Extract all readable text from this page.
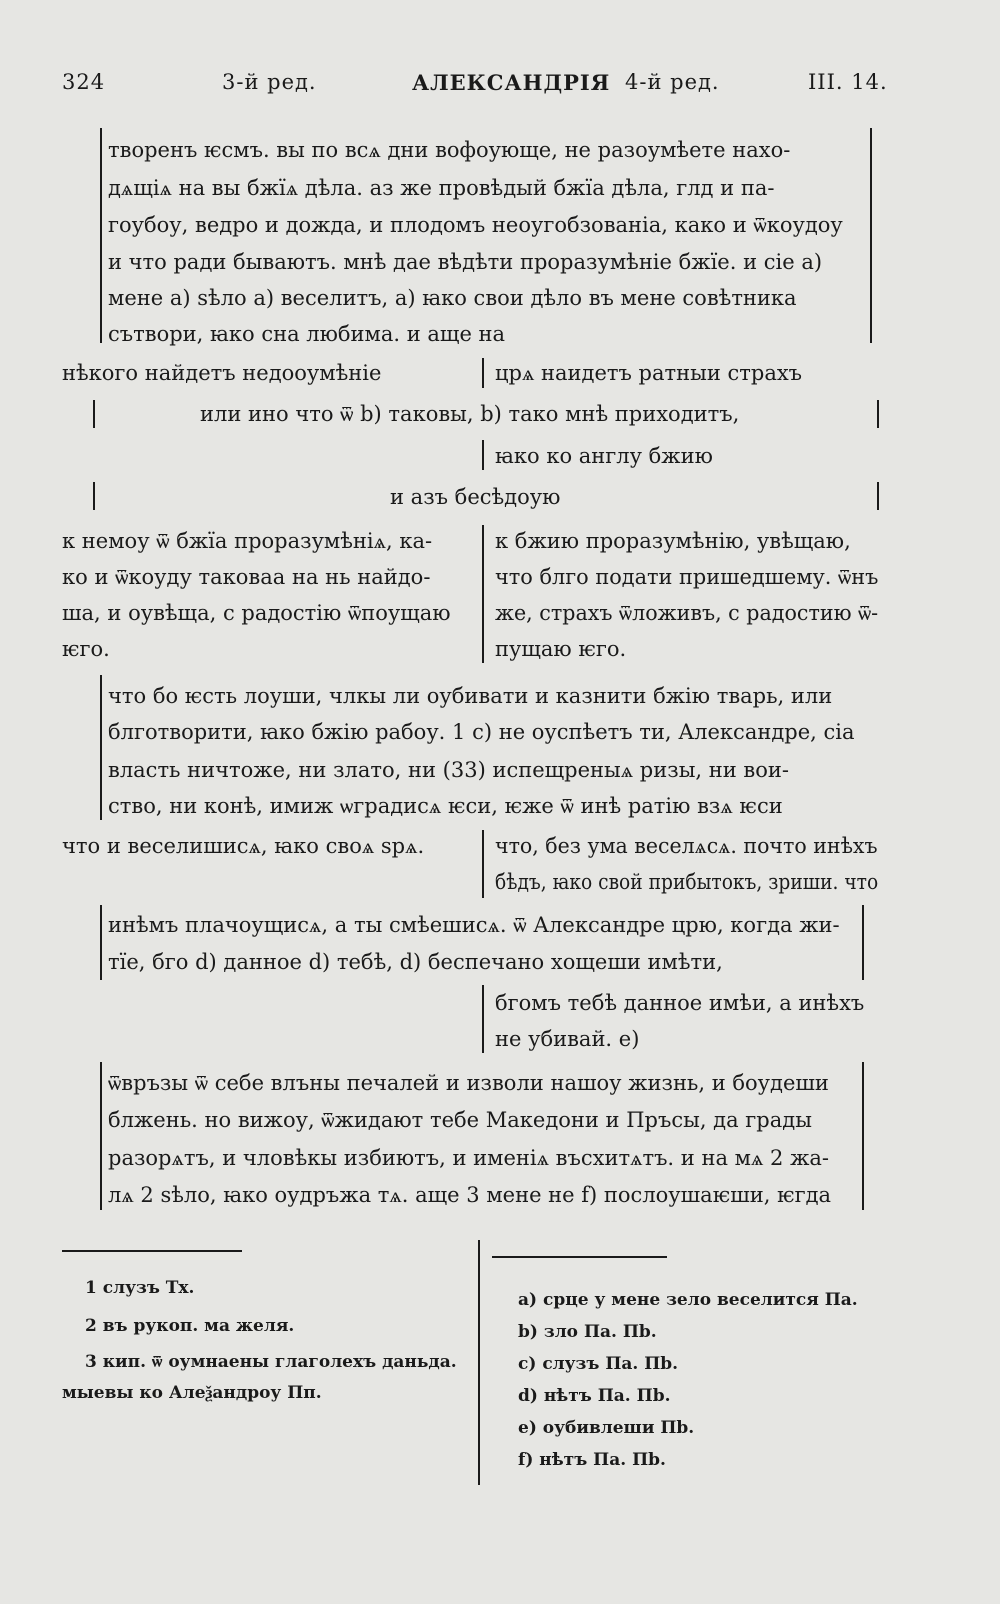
324	3-й ред.	АЛЕКСАНДРІЯ 4-й ред.	III. 14.
творенъ ѥсмъ. вы по всѧ дни вофоующе, не разоумѣете нахо-
дѧщіѧ на вы бжїѧ дѣла. аз же провѣдый бжїа дѣла, глд и па-
гоубоу, ведро и дожда, и плодомъ неоугобзованіа, како и ѿкоудоу
и что ради бываютъ. мнѣ дае вѣдѣти проразумѣніе бжїе. и сіе а)
мене а) sѣло а) веселитъ, а) ꙗко свои дѣло въ мене совѣтника
сътвори, ꙗко сна любима. и аще на
нѣкого найдетъ недооумѣніе	црѧ наидетъ ратныи страхъ
или ино что ѿ b) таковы, b) тако мнѣ приходитъ,
ꙗко ко англу бжию
и азъ бесѣдоую
к немоу ѿ бжїа проразумѣніѧ, ка-
ко и ѿкоуду таковаа на нь найдо-
ша, и оувѣща, с радостію ѿпоущаю
ѥго.
к бжию проразумѣнію, увѣщаю,
что блго подати пришедшему. ѿнъ
же, страхъ ѿложивъ, с радостию ѿ-
пущаю ѥго.
что бо ѥсть лоуши, члкы ли оубивати и казнити бжію тварь, или
блготворити, ꙗко бжію рабоу. 1 c) не оуспѣетъ ти, Александре, сіа
власть ничтоже, ни злато, ни (33) испещреныѧ ризы, ни вои-
ство, ни конѣ, имиж ѡградисѧ ѥси, ѥже ѿ инѣ ратію взѧ ѥси
что и веселишисѧ, ꙗко своѧ sрѧ.	что, без ума веселѧсѧ. почто инѣхъ
бѣдъ, ꙗко свой прибытокъ, зриши. что
инѣмъ плачоущисѧ, а ты смѣешисѧ. ѿ Александре црю, когда жи-
тїе, бго d) данное d) тебѣ, d) беспечано хощеши имѣти,
бгомъ тебѣ данное имѣи, а инѣхъ
не убивай. e)
ѿвръзы ѿ себе влъны печалей и изволи нашоу жизнь, и боудеши
блжень. но вижоу, ѿжидают тебе Македони и Пръсы, да грады
разорѧтъ, и чловѣкы избиютъ, и именіѧ въсхитѧтъ. и на мѧ 2 жа-
лѧ 2 sѣло, ꙗко оудръжа тѧ. аще 3 мене не f) послоушаѥши, ѥгда
1 слузъ Тх.
2 въ рукоп. ма желя.
3 кип. ѿ оумнаены глаголехъ даньда.
мыевы ко Алеѯандроу Пп.
a) срце у мене зело веселится Пa.
b) зло Пa. Пb.
c) слузъ Пa. Пb.
d) нѣтъ Пa. Пb.
e) оубивлеши Пb.
f) нѣтъ Пa. Пb.
